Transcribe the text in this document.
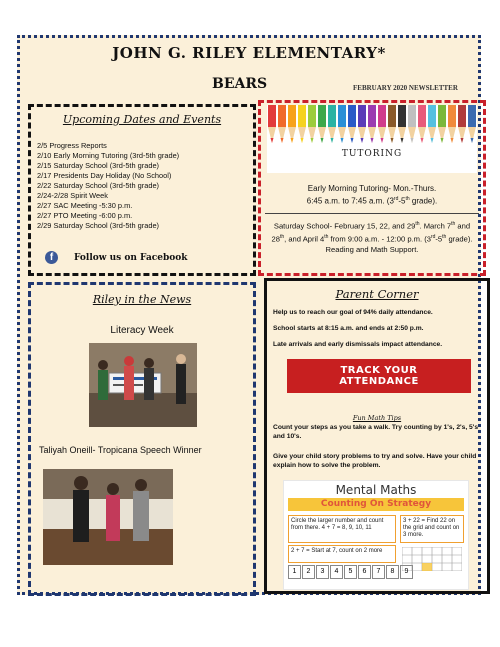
JOHN G. RILEY ELEMENTARY*
BEARS	FEBRUARY 2020 NEWSLETTER
Upcoming Dates and Events
2/5 Progress Reports
2/10 Early Morning Tutoring (3rd-5th grade)
2/15 Saturday School (3rd-5th grade)
2/17 Presidents Day Holiday (No School)
2/22 Saturday School (3rd-5th grade)
2/24-2/28 Spirit Week
2/27 SAC Meeting -5:30 p.m.
2/27 PTO Meeting -6:00 p.m.
2/29 Saturday School (3rd-5th grade)
f	Follow us on Facebook
TUTORING
Early Morning Tutoring- Mon.-Thurs.
6:45 a.m. to 7:45 a.m. (3rd-5th grade).
Saturday School- February 15, 22, and 29th. March 7th and 28th, and April 4th from 9:00 a.m. - 12:00 p.m. (3rd-5th grade). Reading and Math Support.
Riley in the News
Literacy Week
Taliyah Oneill- Tropicana Speech Winner
Parent Corner
Help us to reach our goal of 94% daily attendance.
School starts at 8:15 a.m. and ends at 2:50 p.m.
Late arrivals and early dismissals impact attendance.
TRACK YOUR
ATTENDANCE
Fun Math Tips
Count your steps as you take a walk. Try counting by 1's, 2's, 5's and 10's.
Give your child story problems to try and solve. Have your child explain how to solve the problem.
Mental Maths
Counting On Strategy
Circle the larger number and count from there. 4 + 7 = 8, 9, 10, 11
3 + 22 = Find 22 on the grid and count on 3 more.
2 + 7 = Start at 7, count on 2 more
1	2	3	4	5	6	7	8	9
